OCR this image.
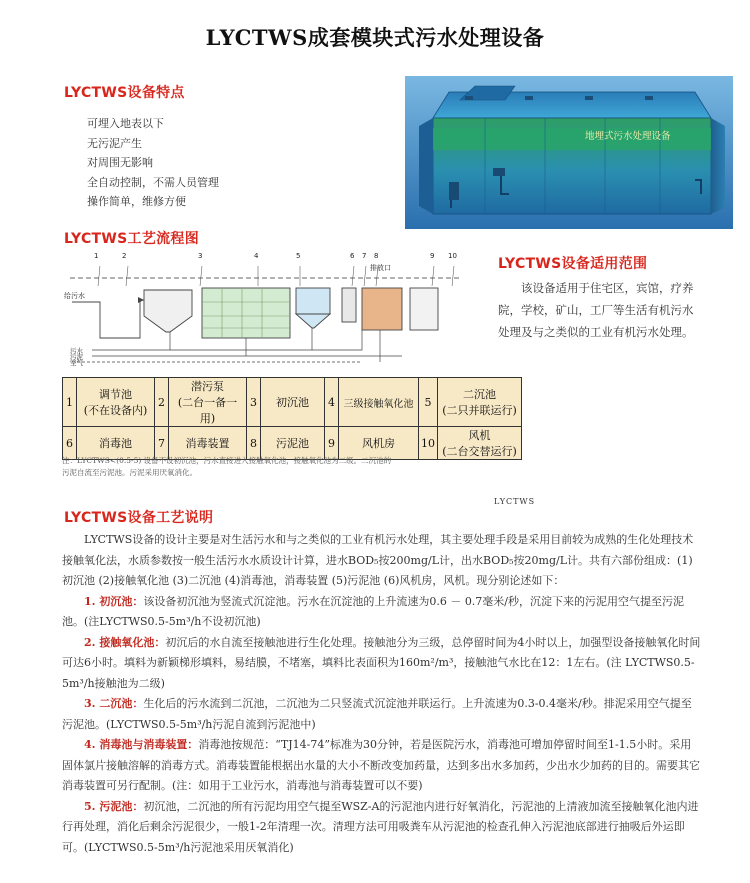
LYCTWS成套模块式污水处理设备
LYCTWS设备特点
可埋入地表以下
无污泥产生
对周围无影响
全自动控制，不需人员管理
操作简单，维修方便
地埋式污水处理设备
LYCTWS工艺流程图
1	2	3	4	5	6 7 8	9 10
给污水
排放口
污水
污泥
空气
LYCTWS设备适用范围
该设备适用于住宅区，宾馆，疗养院，学校，矿山，工厂等生活有机污水处理及与之类似的工业有机污水处理。
1	调节池
(不在设备内)	2	潜污泵
(二台一备一用)	3	初沉池	4	三级接触氧化池	5	二沉池
(二只并联运行)
6	消毒池	7	消毒装置	8	污泥池	9	风机房	10	风机
(二台交替运行)
注：LYCTWS<(0.5-5) 设备不设初沉池，污水直接进入接触氧化池，接触氧化池为二级。二沉池的
污泥自流至污泥池。污泥采用厌氧消化。
LYCTWS
LYCTWS设备工艺说明

LYCTWS设备的设计主要是对生活污水和与之类似的工业有机污水处理，其主要处理手段是采用目前较为成熟的生化处理技术接触氧化法，水质参数按一般生活污水水质设计计算，进水BOD₅按200mg/L计，出水BOD₅按20mg/L计。共有六部份组成：(1)初沉池 (2)接触氧化池 (3)二沉池 (4)消毒池，消毒装置 (5)污泥池 (6)风机房，风机。现分别论述如下：

1. 初沉池：该设备初沉池为竖流式沉淀池。污水在沉淀池的上升流速为0.6 － 0.7毫米/秒，沉淀下来的污泥用空气提至污泥池。(注LYCTWS0.5-5m³/h不设初沉池)

2. 接触氧化池：初沉后的水自流至接触池进行生化处理。接触池分为三级，总停留时间为4小时以上，加强型设备接触氧化时间可达6小时。填料为新颖梯形填料，易结膜，不堵塞，填料比表面积为160m²/m³，接触池气水比在12：1左右。(注 LYCTWS0.5-5m³/h接触池为二级)

3. 二沉池：生化后的污水流到二沉池，二沉池为二只竖流式沉淀池并联运行。上升流速为0.3-0.4毫米/秒。排泥采用空气提至污泥池。(LYCTWS0.5-5m³/h污泥自流到污泥池中)

4. 消毒池与消毒装置：消毒池按规范：“TJ14-74”标准为30分钟，若是医院污水，消毒池可增加停留时间至1-1.5小时。采用固体氯片接触溶解的消毒方式。消毒装置能根据出水量的大小不断改变加药量，达到多出水多加药，少出水少加药的目的。需要其它消毒装置可另行配制。(注：如用于工业污水，消毒池与消毒装置可以不要)

5. 污泥池：初沉池，二沉池的所有污泥均用空气提至WSZ-A的污泥池内进行好氧消化，污泥池的上清液加流至接触氧化池内进行再处理，消化后剩余污泥很少，一般1-2年清理一次。清理方法可用吸粪车从污泥池的检查孔伸入污泥池底部进行抽吸后外运即可。(LYCTWS0.5-5m³/h污泥池采用厌氧消化)
